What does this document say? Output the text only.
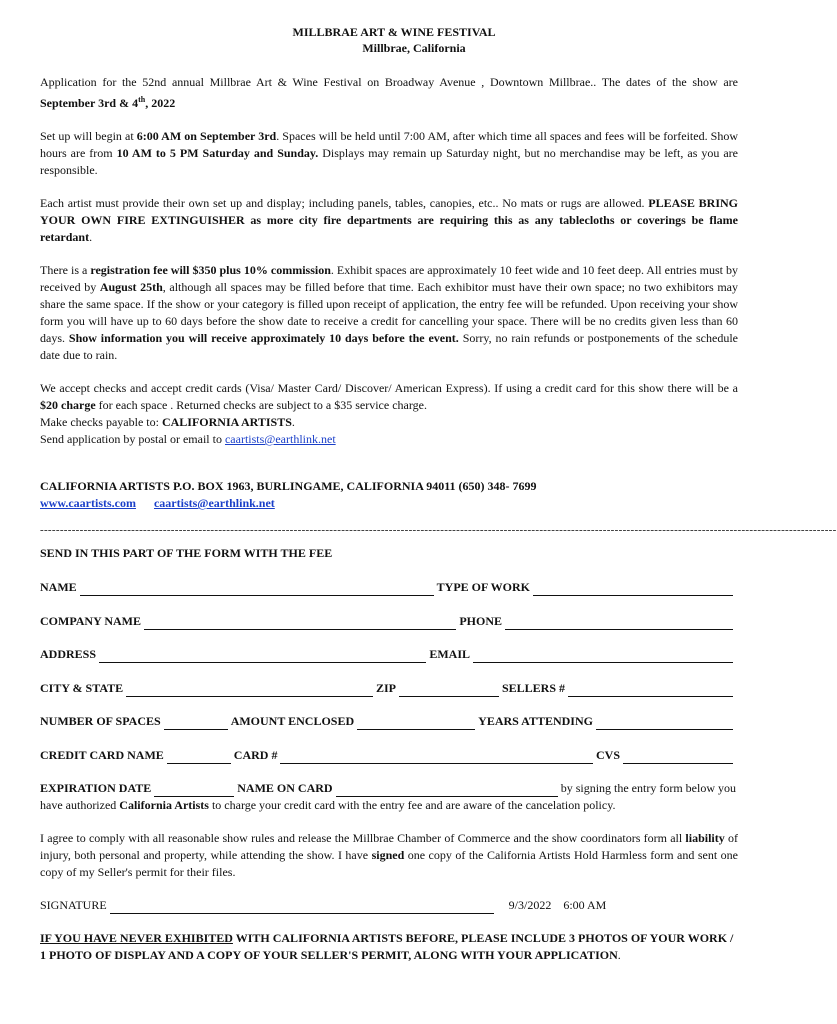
MILLBRAE ART & WINE FESTIVAL
Millbrae, California

Application for the 52nd annual Millbrae Art & Wine Festival on Broadway Avenue , Downtown Millbrae.. The dates of the show are September 3rd & 4th, 2022

Set up will begin at 6:00 AM on September 3rd. Spaces will be held until 7:00 AM, after which time all spaces and fees will be forfeited. Show hours are from 10 AM to 5 PM Saturday and Sunday. Displays may remain up Saturday night, but no merchandise may be left, as you are responsible.

Each artist must provide their own set up and display; including panels, tables, canopies, etc.. No mats or rugs are allowed. PLEASE BRING YOUR OWN FIRE EXTINGUISHER as more city fire departments are requiring this as any tablecloths or coverings be flame retardant.

There is a registration fee will $350 plus 10% commission. Exhibit spaces are approximately 10 feet wide and 10 feet deep. All entries must by received by August 25th, although all spaces may be filled before that time. Each exhibitor must have their own space; no two exhibitors may share the same space. If the show or your category is filled upon receipt of application, the entry fee will be refunded. Upon receiving your show form you will have up to 60 days before the show date to receive a credit for cancelling your space. There will be no credits given less than 60 days. Show information you will receive approximately 10 days before the event. Sorry, no rain refunds or postponements of the schedule date due to rain.

We accept checks and accept credit cards (Visa/ Master Card/ Discover/ American Express). If using a credit card for this show there will be a $20 charge for each space . Returned checks are subject to a $35 service charge.
Make checks payable to: CALIFORNIA ARTISTS.
Send application by postal or email to caartists@earthlink.net

CALIFORNIA ARTISTS P.O. BOX 1963, BURLINGAME, CALIFORNIA 94011 (650) 348- 7699
www.caartists.com caartists@earthlink.net
---------------------------------------------------------------------------------------------------------------------------------------------------------------------------------------------------------
SEND IN THIS PART OF THE FORM WITH THE FEE
NAME	TYPE OF WORK
COMPANY NAME	PHONE
ADDRESS	EMAIL
CITY & STATE	ZIP	SELLERS #
NUMBER OF SPACES	AMOUNT ENCLOSED	YEARS ATTENDING
CREDIT CARD NAME	CARD #	CVS
EXPIRATION DATE	NAME ON CARD	by signing the entry form below you
have authorized California Artists to charge your credit card with the entry fee and are aware of the cancelation policy.

I agree to comply with all reasonable show rules and release the Millbrae Chamber of Commerce and the show coordinators form all liability of injury, both personal and property, while attending the show. I have signed one copy of the California Artists Hold Harmless form and sent one copy of my Seller's permit for their files.

SIGNATURE	9/3/2022 6:00 AM
IF YOU HAVE NEVER EXHIBITED WITH CALIFORNIA ARTISTS BEFORE, PLEASE INCLUDE 3 PHOTOS OF YOUR WORK / 1 PHOTO OF DISPLAY AND A COPY OF YOUR SELLER'S PERMIT, ALONG WITH YOUR APPLICATION.
